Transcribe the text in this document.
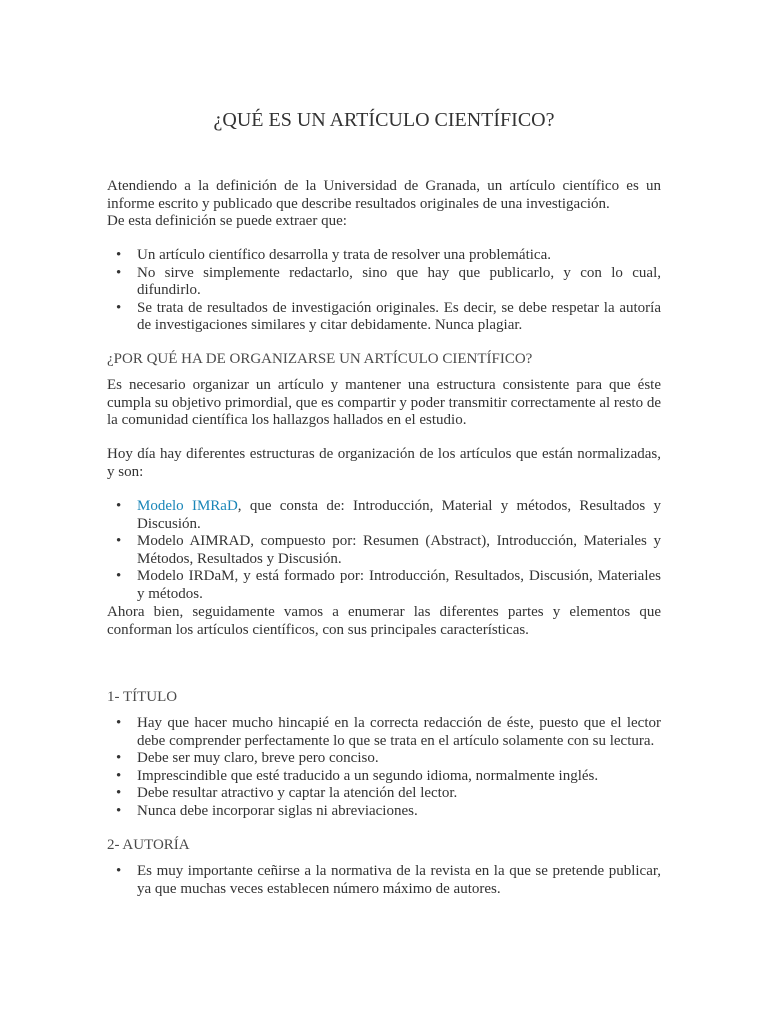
¿QUÉ ES UN ARTÍCULO CIENTÍFICO?

Atendiendo a la definición de la Universidad de Granada, un artículo científico es un informe escrito y publicado que describe resultados originales de una investigación.
De esta definición se puede extraer que:

• Un artículo científico desarrolla y trata de resolver una problemática.
• No sirve simplemente redactarlo, sino que hay que publicarlo, y con lo cual, difundirlo.
• Se trata de resultados de investigación originales. Es decir, se debe respetar la autoría de investigaciones similares y citar debidamente. Nunca plagiar.
¿POR QUÉ HA DE ORGANIZARSE UN ARTÍCULO CIENTÍFICO?

Es necesario organizar un artículo y mantener una estructura consistente para que éste cumpla su objetivo primordial, que es compartir y poder transmitir correctamente al resto de la comunidad científica los hallazgos hallados en el estudio.

Hoy día hay diferentes estructuras de organización de los artículos que están normalizadas, y son:

• Modelo IMRaD, que consta de: Introducción, Material y métodos, Resultados y Discusión.
• Modelo AIMRAD, compuesto por: Resumen (Abstract), Introducción, Materiales y Métodos, Resultados y Discusión.
• Modelo IRDaM, y está formado por: Introducción, Resultados, Discusión, Materiales y métodos.

Ahora bien, seguidamente vamos a enumerar las diferentes partes y elementos que conforman los artículos científicos, con sus principales características.

1- TÍTULO
• Hay que hacer mucho hincapié en la correcta redacción de éste, puesto que el lector debe comprender perfectamente lo que se trata en el artículo solamente con su lectura.
• Debe ser muy claro, breve pero conciso.
• Imprescindible que esté traducido a un segundo idioma, normalmente inglés.
• Debe resultar atractivo y captar la atención del lector.
• Nunca debe incorporar siglas ni abreviaciones.
2- AUTORÍA
• Es muy importante ceñirse a la normativa de la revista en la que se pretende publicar, ya que muchas veces establecen número máximo de autores.
